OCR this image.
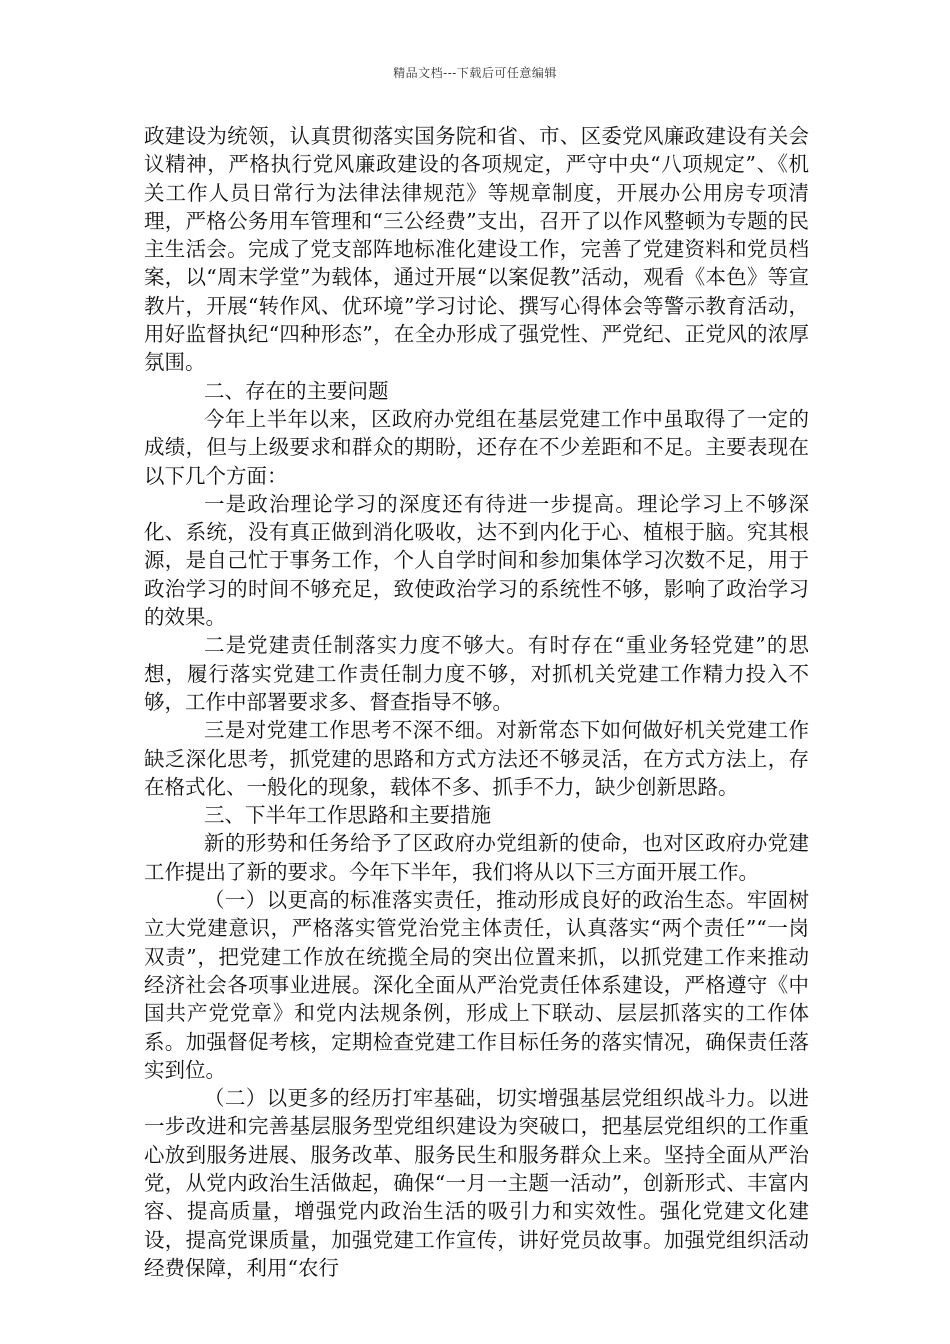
精品文档---下载后可任意编辑

政建设为统领，认真贯彻落实国务院和省、市、区委党风廉政建设有关会议精神，严格执行党风廉政建设的各项规定，严守中央“八项规定”、《机关工作人员日常行为法律法律规范》等规章制度，开展办公用房专项清理，严格公务用车管理和“三公经费”支出，召开了以作风整顿为专题的民主生活会。完成了党支部阵地标准化建设工作，完善了党建资料和党员档案，以“周末学堂”为载体，通过开展“以案促教”活动，观看《本色》等宣教片，开展“转作风、优环境”学习讨论、撰写心得体会等警示教育活动，用好监督执纪“四种形态”，在全办形成了强党性、严党纪、正党风的浓厚氛围。

二、存在的主要问题

今年上半年以来，区政府办党组在基层党建工作中虽取得了一定的成绩，但与上级要求和群众的期盼，还存在不少差距和不足。主要表现在以下几个方面：

一是政治理论学习的深度还有待进一步提高。理论学习上不够深化、系统，没有真正做到消化吸收，达不到内化于心、植根于脑。究其根源，是自己忙于事务工作，个人自学时间和参加集体学习次数不足，用于政治学习的时间不够充足，致使政治学习的系统性不够，影响了政治学习的效果。

二是党建责任制落实力度不够大。有时存在“重业务轻党建”的思想，履行落实党建工作责任制力度不够，对抓机关党建工作精力投入不够，工作中部署要求多、督查指导不够。

三是对党建工作思考不深不细。对新常态下如何做好机关党建工作缺乏深化思考，抓党建的思路和方式方法还不够灵活，在方式方法上，存在格式化、一般化的现象，载体不多、抓手不力，缺少创新思路。

三、下半年工作思路和主要措施

新的形势和任务给予了区政府办党组新的使命，也对区政府办党建工作提出了新的要求。今年下半年，我们将从以下三方面开展工作。

（一）以更高的标准落实责任，推动形成良好的政治生态。牢固树立大党建意识，严格落实管党治党主体责任，认真落实“两个责任”“一岗双责”，把党建工作放在统揽全局的突出位置来抓，以抓党建工作来推动经济社会各项事业进展。深化全面从严治党责任体系建设，严格遵守《中国共产党党章》和党内法规条例，形成上下联动、层层抓落实的工作体系。加强督促考核，定期检查党建工作目标任务的落实情况，确保责任落实到位。

（二）以更多的经历打牢基础，切实增强基层党组织战斗力。以进一步改进和完善基层服务型党组织建设为突破口，把基层党组织的工作重心放到服务进展、服务改革、服务民生和服务群众上来。坚持全面从严治党，从党内政治生活做起，确保“一月一主题一活动”，创新形式、丰富内容、提高质量，增强党内政治生活的吸引力和实效性。强化党建文化建设，提高党课质量，加强党建工作宣传，讲好党员故事。加强党组织活动经费保障，利用“农行
